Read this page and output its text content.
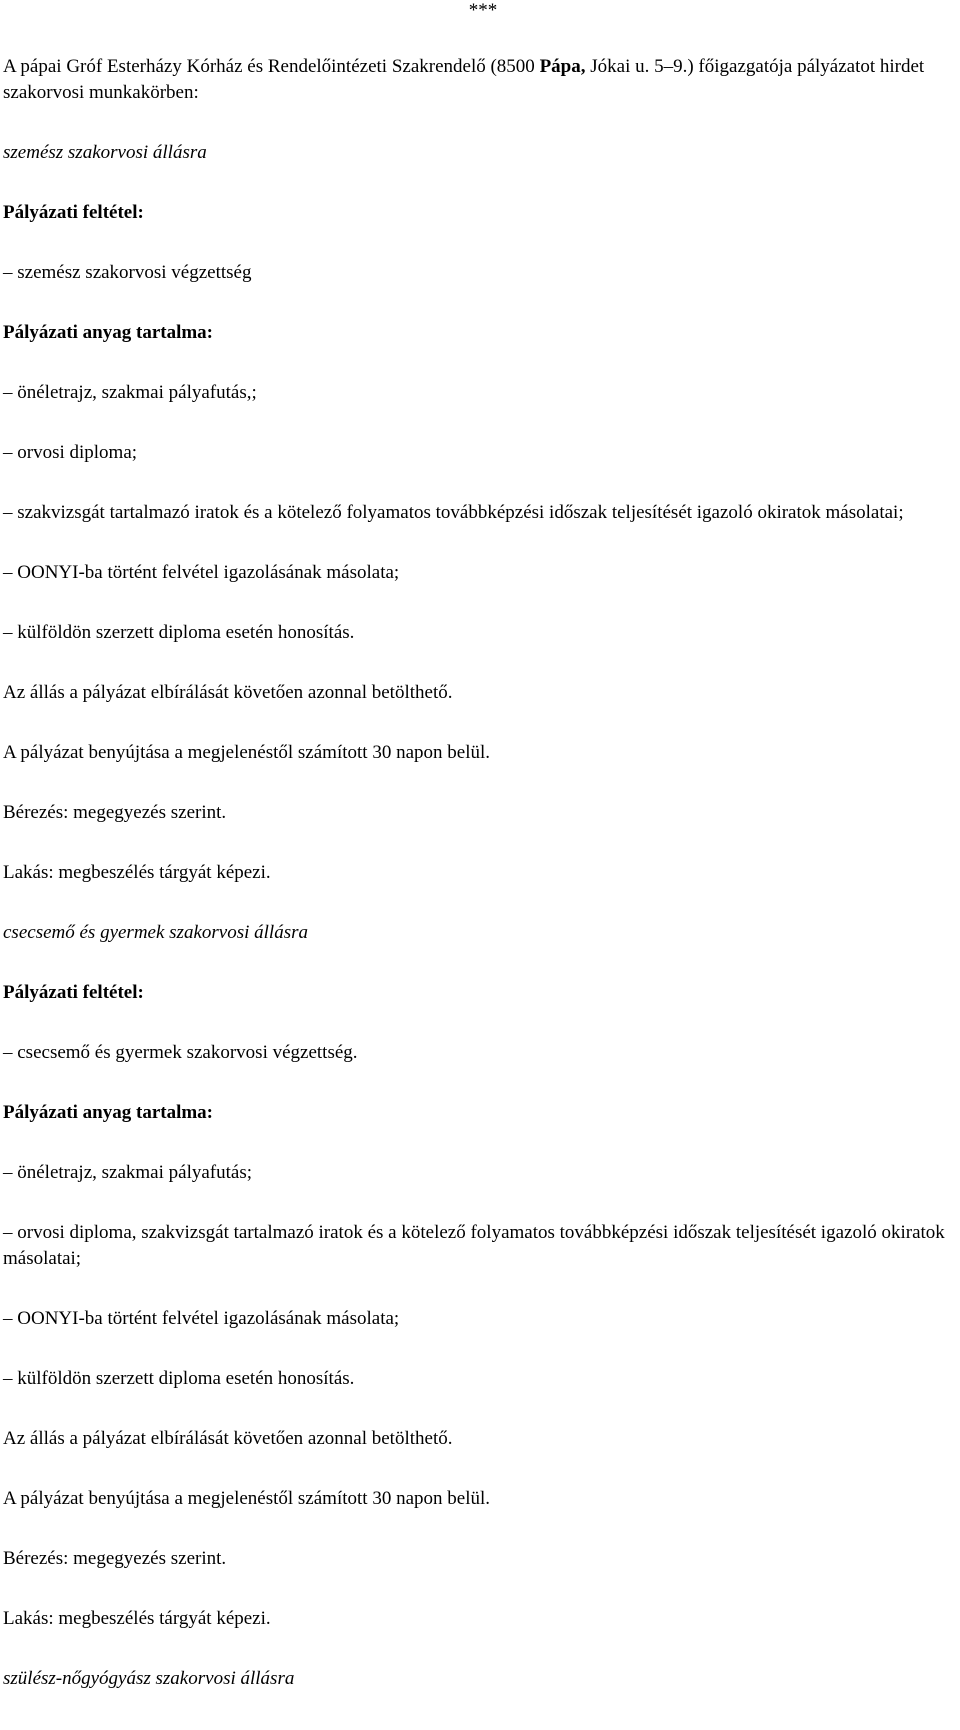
***

A pápai Gróf Esterházy Kórház és Rendelőintézeti Szakrendelő (8500 Pápa, Jókai u. 5–9.) főigazgatója pályázatot hirdet szakorvosi munkakörben:

szemész szakorvosi állásra

Pályázati feltétel:

– szemész szakorvosi végzettség

Pályázati anyag tartalma:

– önéletrajz, szakmai pályafutás,;

– orvosi diploma;

– szakvizsgát tartalmazó iratok és a kötelező folyamatos továbbképzési időszak teljesítését igazoló okiratok másolatai;

– OONYI-ba történt felvétel igazolásának másolata;

– külföldön szerzett diploma esetén honosítás.

Az állás a pályázat elbírálását követően azonnal betölthető.

A pályázat benyújtása a megjelenéstől számított 30 napon belül.

Bérezés: megegyezés szerint.

Lakás: megbeszélés tárgyát képezi.

csecsemő és gyermek szakorvosi állásra

Pályázati feltétel:

– csecsemő és gyermek szakorvosi végzettség.

Pályázati anyag tartalma:

– önéletrajz, szakmai pályafutás;

– orvosi diploma, szakvizsgát tartalmazó iratok és a kötelező folyamatos továbbképzési időszak teljesítését igazoló okiratok másolatai;

– OONYI-ba történt felvétel igazolásának másolata;

– külföldön szerzett diploma esetén honosítás.

Az állás a pályázat elbírálását követően azonnal betölthető.

A pályázat benyújtása a megjelenéstől számított 30 napon belül.

Bérezés: megegyezés szerint.

Lakás: megbeszélés tárgyát képezi.

szülész-nőgyógyász szakorvosi állásra
